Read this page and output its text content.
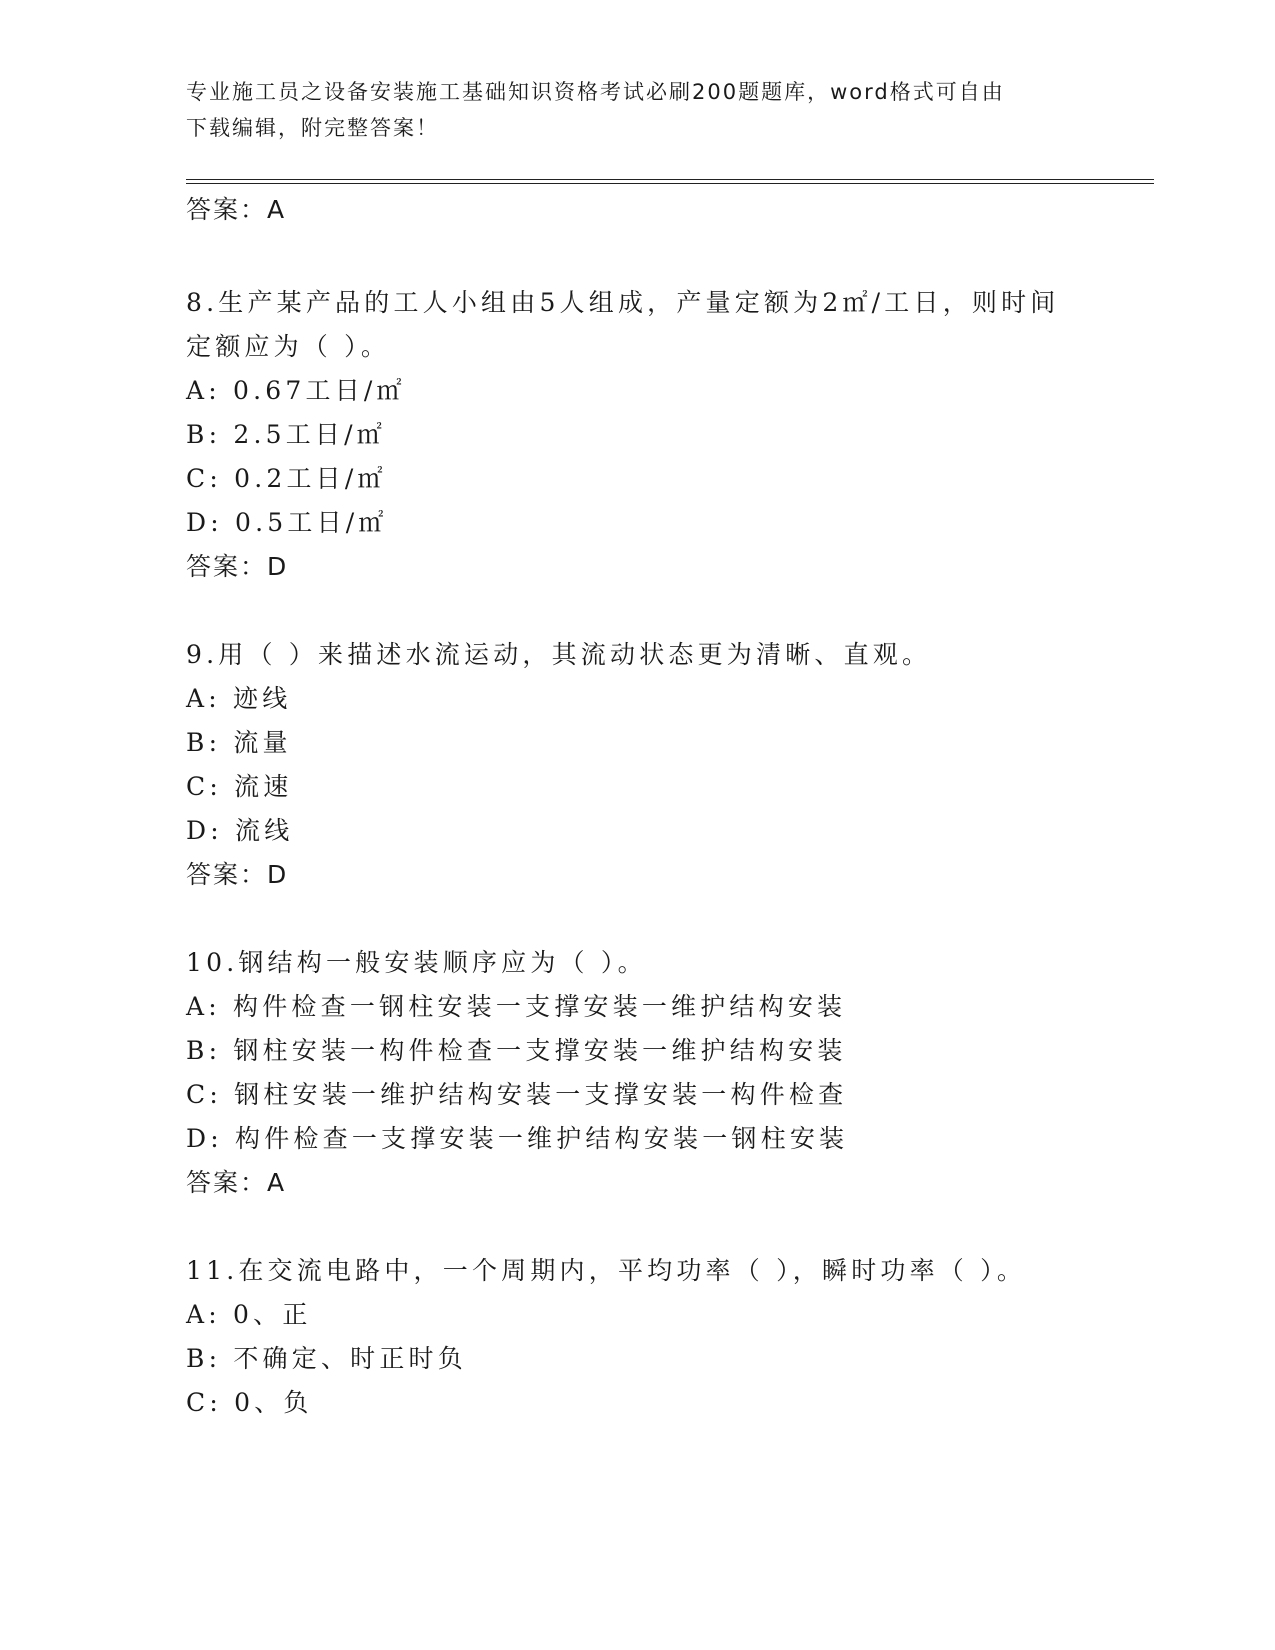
专业施工员之设备安装施工基础知识资格考试必刷200题题库，word格式可自由
下载编辑，附完整答案！
答案：A
8.生产某产品的工人小组由5人组成，产量定额为2㎡/工日，则时间
定额应为（ ）。
A: 0.67工日/㎡
B: 2.5工日/㎡
C: 0.2工日/㎡
D: 0.5工日/㎡
答案：D
9.用（ ）来描述水流运动，其流动状态更为清晰、直观。
A: 迹线
B: 流量
C: 流速
D: 流线
答案：D
10.钢结构一般安装顺序应为（ ）。
A: 构件检查一钢柱安装一支撑安装一维护结构安装
B: 钢柱安装一构件检查一支撑安装一维护结构安装
C: 钢柱安装一维护结构安装一支撑安装一构件检查
D: 构件检查一支撑安装一维护结构安装一钢柱安装
答案：A
11.在交流电路中，一个周期内，平均功率（ ），瞬时功率（ ）。
A: 0、正
B: 不确定、时正时负
C: 0、负
